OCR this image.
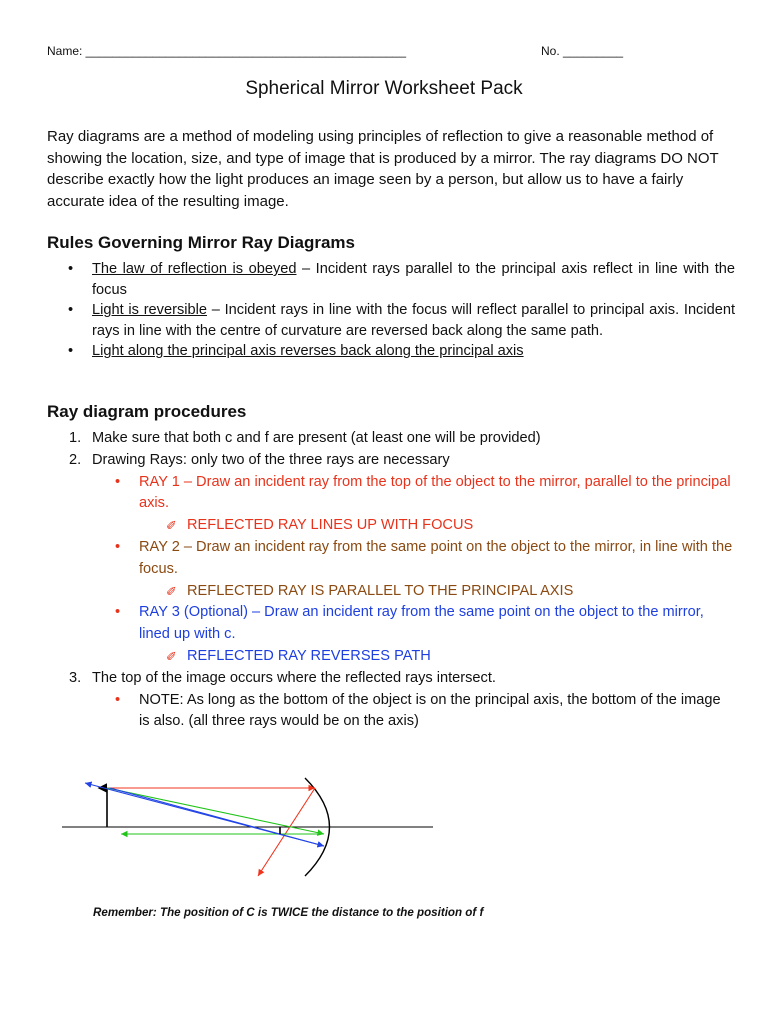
Name: ________________________________________________	No. _________
Spherical Mirror Worksheet Pack
Ray diagrams are a method of modeling using principles of reflection to give a reasonable method of showing the location, size, and type of image that is produced by a mirror. The ray diagrams DO NOT describe exactly how the light produces an image seen by a person, but allow us to have a fairly accurate idea of the resulting image.
Rules Governing Mirror Ray Diagrams
• The law of reflection is obeyed – Incident rays parallel to the principal axis reflect in line with the focus
• Light is reversible – Incident rays in line with the focus will reflect parallel to principal axis. Incident rays in line with the centre of curvature are reversed back along the same path.
• Light along the principal axis reverses back along the principal axis
Ray diagram procedures
1. Make sure that both c and f are present (at least one will be provided)
2. Drawing Rays: only two of the three rays are necessary
• RAY 1 – Draw an incident ray from the top of the object to the mirror, parallel to the principal axis.
✐ REFLECTED RAY LINES UP WITH FOCUS
• RAY 2 – Draw an incident ray from the same point on the object to the mirror, in line with the focus.
✐ REFLECTED RAY IS PARALLEL TO THE PRINCIPAL AXIS
• RAY 3 (Optional) – Draw an incident ray from the same point on the object to the mirror, lined up with c.
✐ REFLECTED RAY REVERSES PATH
3. The top of the image occurs where the reflected rays intersect.
• NOTE: As long as the bottom of the object is on the principal axis, the bottom of the image is also. (all three rays would be on the axis)
Remember: The position of C is TWICE the distance to the position of f
